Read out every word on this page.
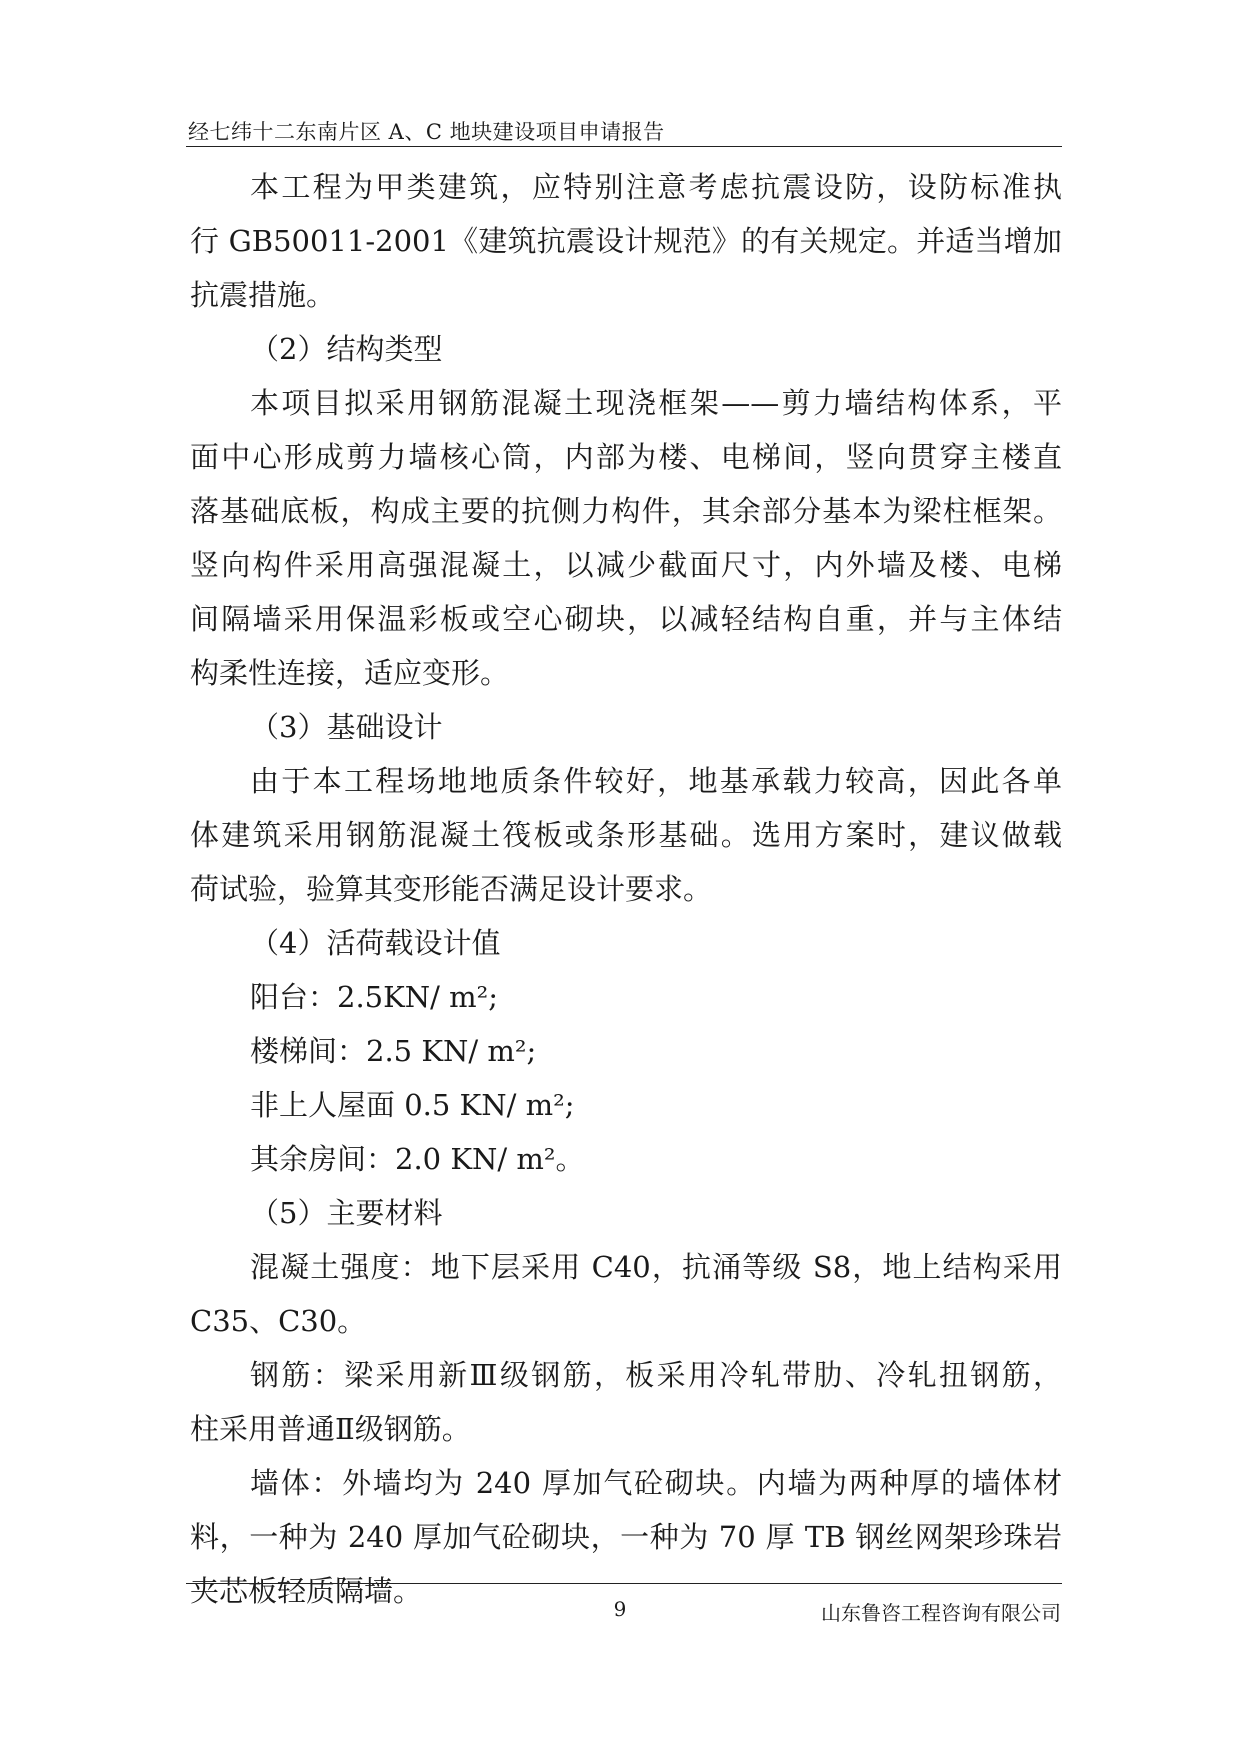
经七纬十二东南片区 A、C 地块建设项目申请报告
本工程为甲类建筑，应特别注意考虑抗震设防，设防标准执
行 GB50011-2001《建筑抗震设计规范》的有关规定。并适当增加
抗震措施。
（2）结构类型
本项目拟采用钢筋混凝土现浇框架——剪力墙结构体系，平
面中心形成剪力墙核心筒，内部为楼、电梯间，竖向贯穿主楼直
落基础底板，构成主要的抗侧力构件，其余部分基本为梁柱框架。
竖向构件采用高强混凝土，以减少截面尺寸，内外墙及楼、电梯
间隔墙采用保温彩板或空心砌块，以减轻结构自重，并与主体结
构柔性连接，适应变形。
（3）基础设计
由于本工程场地地质条件较好，地基承载力较高，因此各单
体建筑采用钢筋混凝土筏板或条形基础。选用方案时，建议做载
荷试验，验算其变形能否满足设计要求。
（4）活荷载设计值
阳台：2.5KN/ m²;
楼梯间：2.5 KN/ m²;
非上人屋面 0.5 KN/ m²;
其余房间：2.0 KN/ m²。
（5）主要材料
混凝土强度：地下层采用 C40，抗涌等级 S8，地上结构采用
C35、C30。
钢筋：梁采用新Ⅲ级钢筋，板采用冷轧带肋、冷轧扭钢筋，
柱采用普通Ⅱ级钢筋。
墙体：外墙均为 240 厚加气砼砌块。内墙为两种厚的墙体材
料，一种为 240 厚加气砼砌块，一种为 70 厚 TB 钢丝网架珍珠岩
夹芯板轻质隔墙。
9	山东鲁咨工程咨询有限公司
